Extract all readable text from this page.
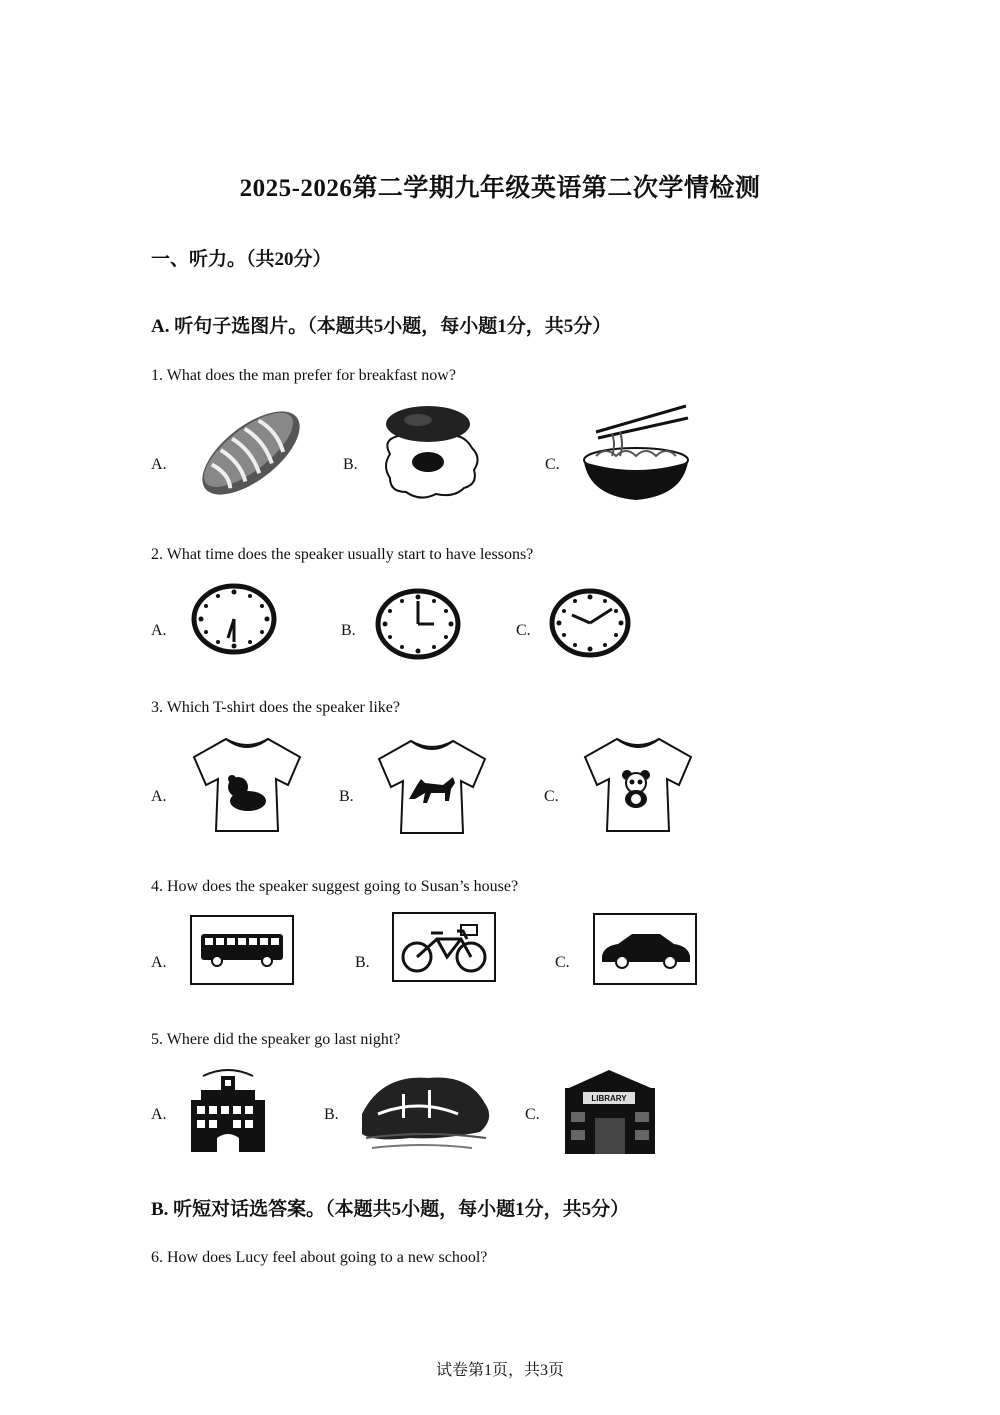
2025-2026第二学期九年级英语第二次学情检测
一、听力。（共20分）
A. 听句子选图片。（本题共5小题，每小题1分，共5分）
1. What does the man prefer for breakfast now?
A.	B.	C.
2. What time does the speaker usually start to have lessons?
A.	B.	C.
3. Which T-shirt does the speaker like?
A.	B.	C.
4. How does the speaker suggest going to Susan’s house?
A.	B.	C.
5. Where did the speaker go last night?
A.	B.	C.
LIBRARY
B. 听短对话选答案。（本题共5小题，每小题1分，共5分）
6. How does Lucy feel about going to a new school?
试卷第1页，共3页
